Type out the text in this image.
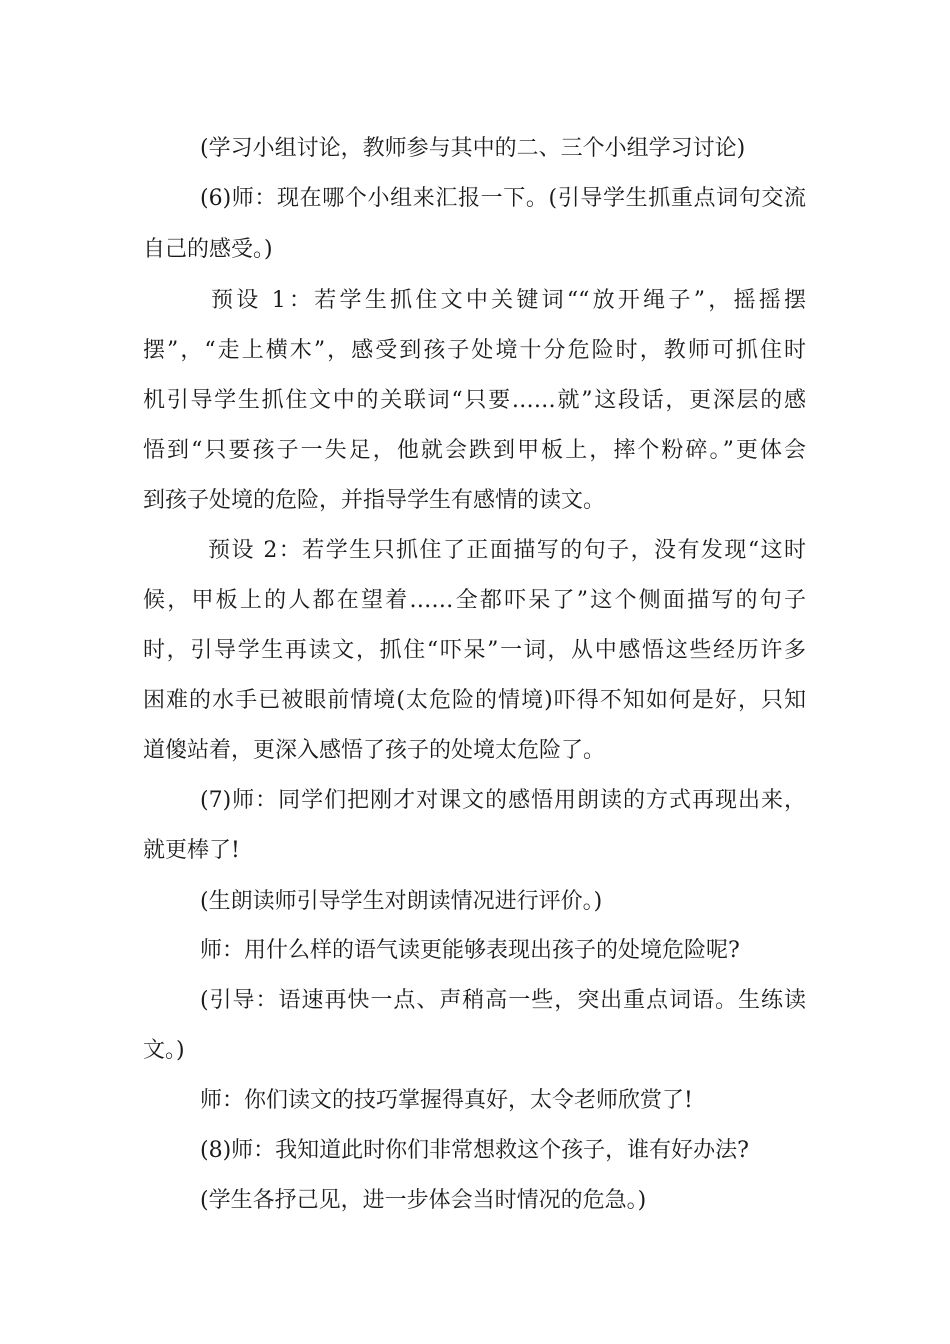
(学习小组讨论，教师参与其中的二、三个小组学习讨论)
(6)师：现在哪个小组来汇报一下。(引导学生抓重点词句交流
自己的感受。)
预设 1：若学生抓住文中关键词““放开绳子”，摇摇摆
摆”，“走上横木”，感受到孩子处境十分危险时，教师可抓住时
机引导学生抓住文中的关联词“只要……就”这段话，更深层的感
悟到“只要孩子一失足，他就会跌到甲板上，摔个粉碎。”更体会
到孩子处境的危险，并指导学生有感情的读文。
预设 2：若学生只抓住了正面描写的句子，没有发现“这时
候，甲板上的人都在望着……全都吓呆了”这个侧面描写的句子
时，引导学生再读文，抓住“吓呆”一词，从中感悟这些经历许多
困难的水手已被眼前情境(太危险的情境)吓得不知如何是好，只知
道傻站着，更深入感悟了孩子的处境太危险了。
(7)师：同学们把刚才对课文的感悟用朗读的方式再现出来，
就更棒了!
(生朗读师引导学生对朗读情况进行评价。)
师：用什么样的语气读更能够表现出孩子的处境危险呢?
(引导：语速再快一点、声稍高一些，突出重点词语。生练读
文。)
师：你们读文的技巧掌握得真好，太令老师欣赏了!
(8)师：我知道此时你们非常想救这个孩子，谁有好办法?
(学生各抒己见，进一步体会当时情况的危急。)
